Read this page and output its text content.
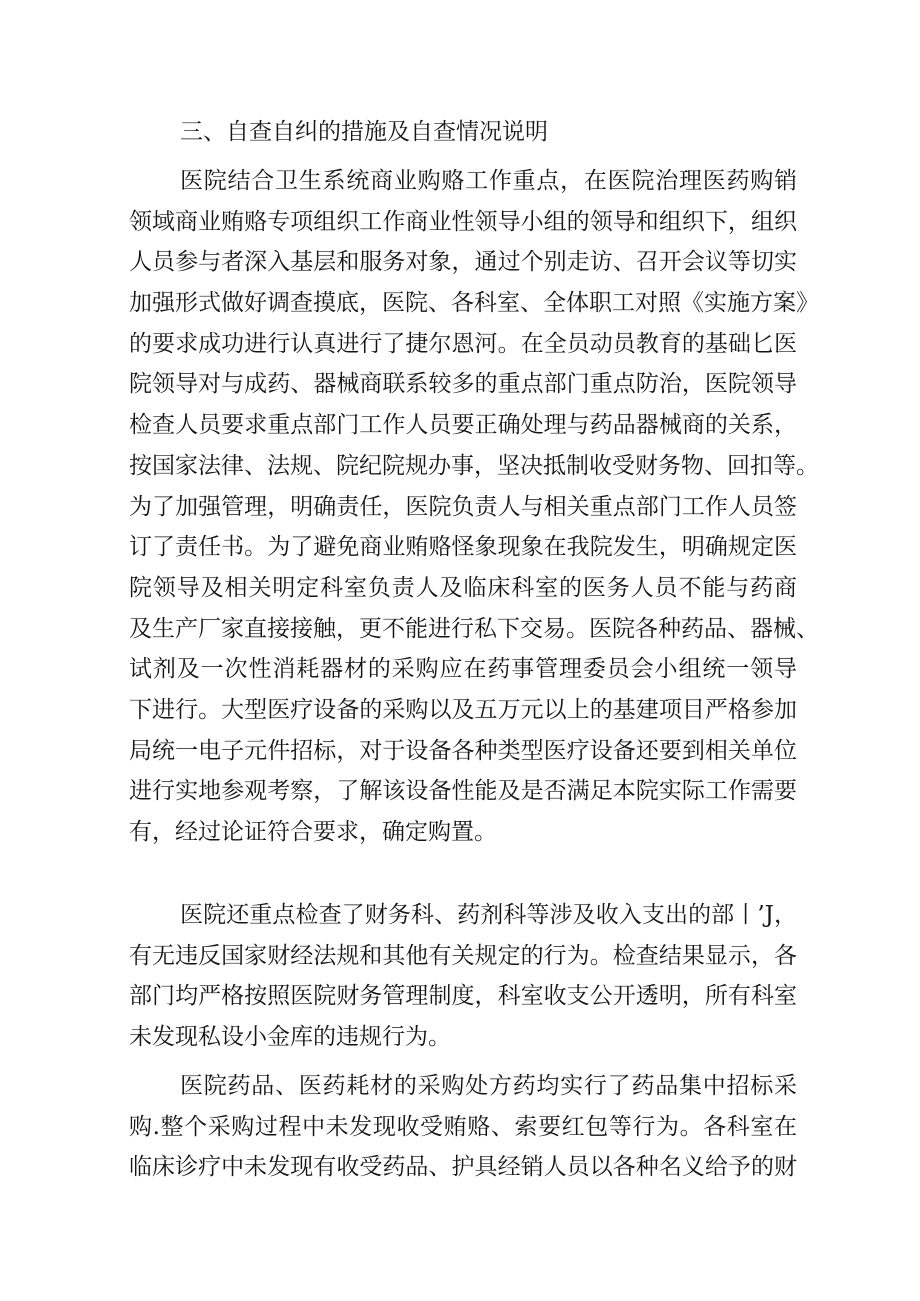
三、自查自纠的措施及自查情况说明
医院结合卫生系统商业购赂工作重点，在医院治理医药购销
领域商业贿赂专项组织工作商业性领导小组的领导和组织下，组织
人员参与者深入基层和服务对象，通过个别走访、召开会议等切实
加强形式做好调查摸底，医院、各科室、全体职工对照《实施方案》
的要求成功进行认真进行了捷尔恩河。在全员动员教育的基础匕医
院领导对与成药、器械商联系较多的重点部门重点防治，医院领导
检查人员要求重点部门工作人员要正确处理与药品器械商的关系，
按国家法律、法规、院纪院规办事，坚决抵制收受财务物、回扣等。
为了加强管理，明确责任，医院负责人与相关重点部门工作人员签
订了责任书。为了避免商业贿赂怪象现象在我院发生，明确规定医
院领导及相关明定科室负责人及临床科室的医务人员不能与药商
及生产厂家直接接触，更不能进行私下交易。医院各种药品、器械、
试剂及一次性消耗器材的采购应在药事管理委员会小组统一领导
下进行。大型医疗设备的采购以及五万元以上的基建项目严格参加
局统一电子元件招标，对于设备各种类型医疗设备还要到相关单位
进行实地参观考察，了解该设备性能及是否满足本院实际工作需要
有，经过论证符合要求，确定购置。
医院还重点检查了财务科、药剂科等涉及收入支出的部丨’J，
有无违反国家财经法规和其他有关规定的行为。检查结果显示，各
部门均严格按照医院财务管理制度，科室收支公开透明，所有科室
未发现私设小金库的违规行为。
医院药品、医药耗材的采购处方药均实行了药品集中招标采
购.整个采购过程中未发现收受贿赂、索要红包等行为。各科室在
临床诊疗中未发现有收受药品、护具经销人员以各种名义给予的财
